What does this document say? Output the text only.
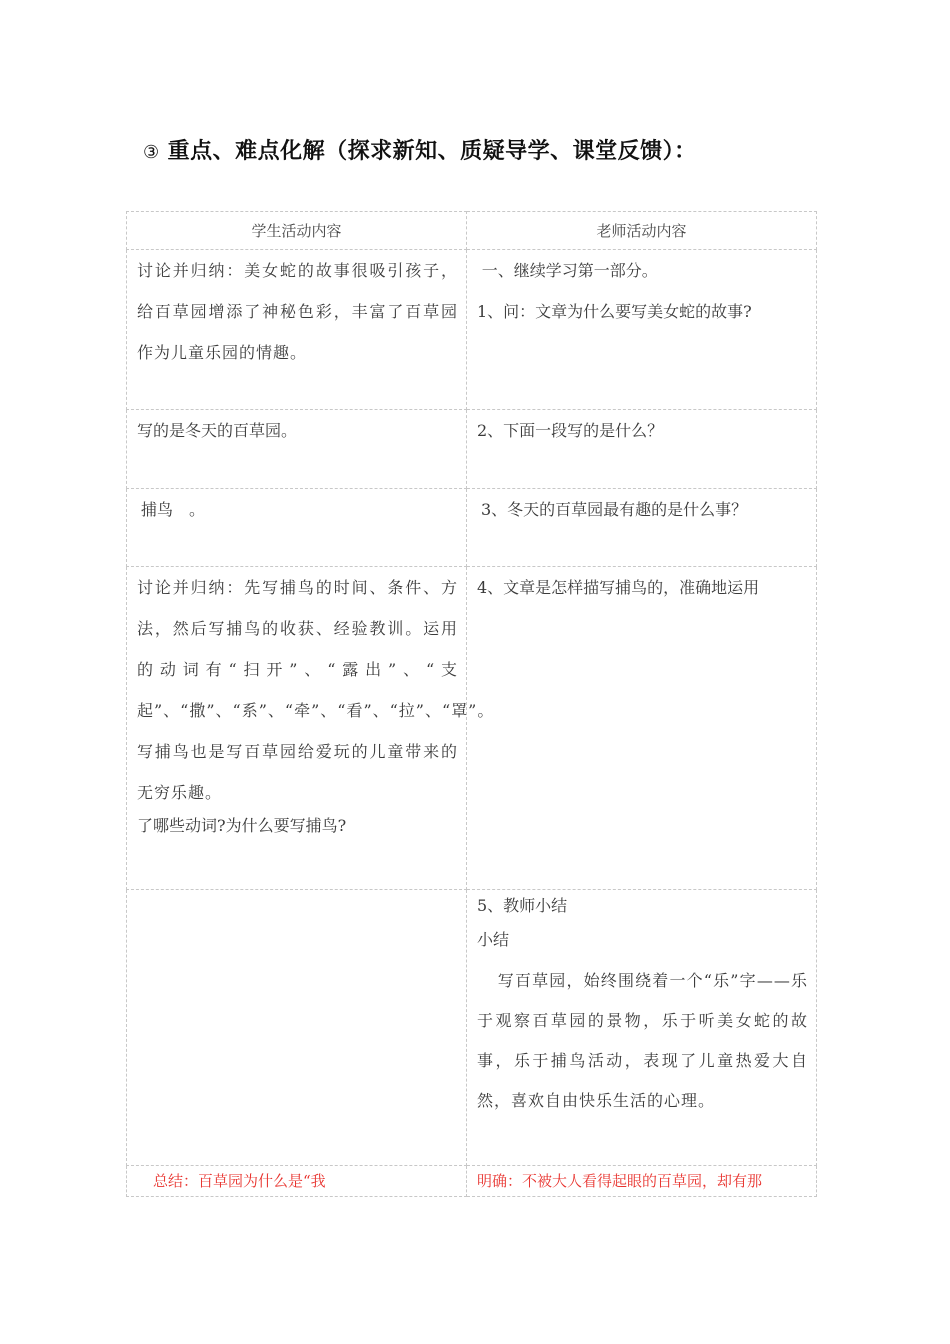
③ 重点、难点化解（探求新知、质疑导学、课堂反馈）：
学生活动内容	老师活动内容

讨论并归纳：美女蛇的故事很吸引孩子，给百草园增添了神秘色彩，丰富了百草园作为儿童乐园的情趣。	一、继续学习第一部分。

1、问：文章为什么要写美女蛇的故事?

写的是冬天的百草园。	2、下面一段写的是什么？

捕鸟　。	3、冬天的百草园最有趣的是什么事？

讨论并归纳：先写捕鸟的时间、条件、方法，然后写捕鸟的收获、经验教训。运用的动词有“扫开”、“露出”、“支起”、“撒”、“系”、“牵”、“看”、“拉”、“罩”。写捕鸟也是写百草园给爱玩的儿童带来的无穷乐趣。

了哪些动词?为什么要写捕鸟?	4、文章是怎样描写捕鸟的，准确地运用

	5、教师小结

小结

写百草园，始终围绕着一个“乐”字——乐于观察百草园的景物，乐于听美女蛇的故事，乐于捕鸟活动，表现了儿童热爱大自然，喜欢自由快乐生活的心理。

总结：百草园为什么是“我	明确：不被大人看得起眼的百草园，却有那
